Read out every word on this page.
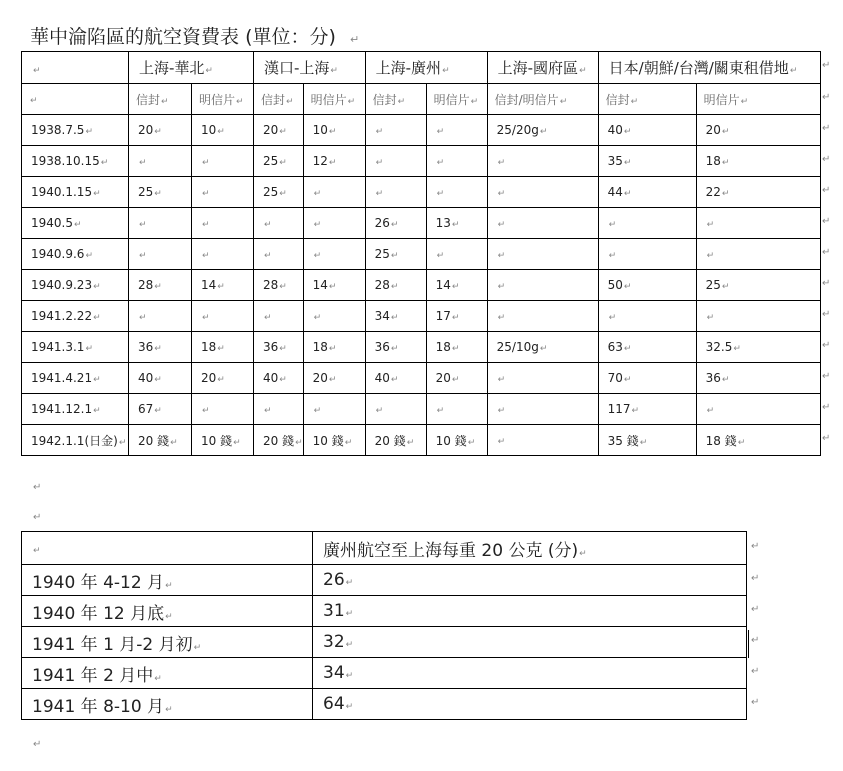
華中淪陷區的航空資費表 (單位：分) ↵
↵	上海-華北↵		漢口-上海↵		上海-廣州↵		上海-國府區↵	日本/朝鮮/台灣/關東租借地↵	
↵	信封↵	明信片↵	信封↵	明信片↵	信封↵	明信片↵	信封/明信片↵	信封↵	明信片↵
1938.7.5↵	20↵	10↵	20↵	10↵	↵	↵	25/20g↵	40↵	20↵
1938.10.15↵	↵	↵	25↵	12↵	↵	↵	↵	35↵	18↵
1940.1.15↵	25↵	↵	25↵	↵	↵	↵	↵	44↵	22↵
1940.5↵	↵	↵	↵	↵	26↵	13↵	↵	↵	↵
1940.9.6↵	↵	↵	↵	↵	25↵	↵	↵	↵	↵
1940.9.23↵	28↵	14↵	28↵	14↵	28↵	14↵	↵	50↵	25↵
1941.2.22↵	↵	↵	↵	↵	34↵	17↵	↵	↵	↵
1941.3.1↵	36↵	18↵	36↵	18↵	36↵	18↵	25/10g↵	63↵	32.5↵
1941.4.21↵	40↵	20↵	40↵	20↵	40↵	20↵	↵	70↵	36↵
1941.12.1↵	67↵	↵	↵	↵	↵	↵	↵	117↵	↵
1942.1.1(日金)↵	20 錢↵	10 錢↵	20 錢↵	10 錢↵	20 錢↵	10 錢↵	↵	35 錢↵	18 錢↵
↵
↵
↵
↵
↵
↵
↵
↵
↵
↵
↵
↵
↵
↵
↵
↵	廣州航空至上海每重 20 公克 (分)↵
1940 年 4-12 月↵	26↵
1940 年 12 月底↵	31↵
1941 年 1 月-2 月初↵	32↵
1941 年 2 月中↵	34↵
1941 年 8-10 月↵	64↵
↵
↵
↵
↵
↵
↵
↵
